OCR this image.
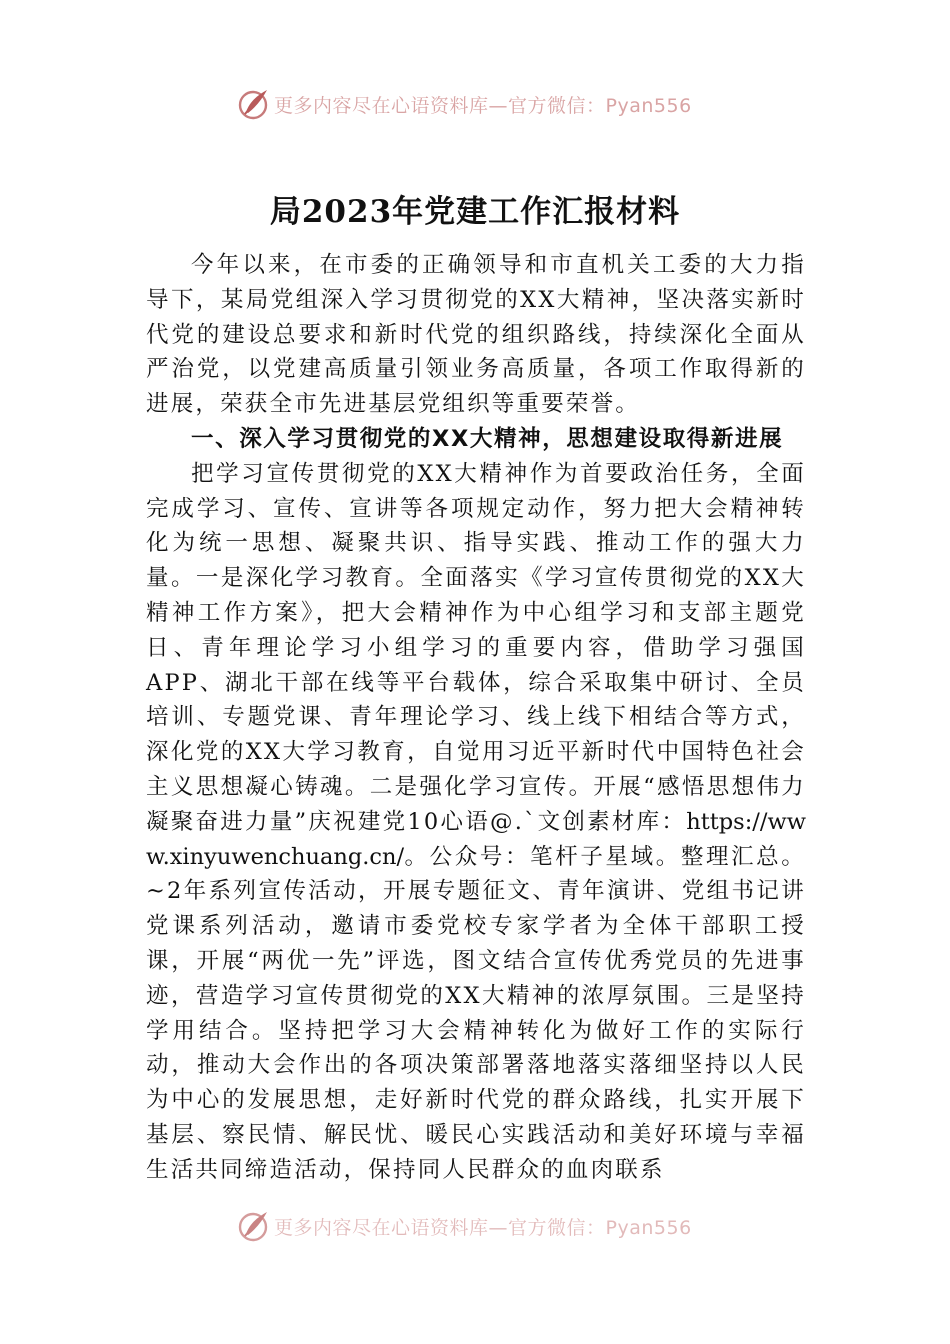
更多内容尽在心语资料库—官方微信：Pyan556
局2023年党建工作汇报材料

今年以来，在市委的正确领导和市直机关工委的大力指导下，某局党组深入学习贯彻党的XX大精神，坚决落实新时代党的建设总要求和新时代党的组织路线，持续深化全面从严治党，以党建高质量引领业务高质量，各项工作取得新的进展，荣获全市先进基层党组织等重要荣誉。

一、深入学习贯彻党的XX大精神，思想建设取得新进展

把学习宣传贯彻党的XX大精神作为首要政治任务，全面完成学习、宣传、宣讲等各项规定动作，努力把大会精神转化为统一思想、凝聚共识、指导实践、推动工作的强大力量。一是深化学习教育。全面落实《学习宣传贯彻党的XX大精神工作方案》，把大会精神作为中心组学习和支部主题党日、青年理论学习小组学习的重要内容，借助学习强国APP、湖北干部在线等平台载体，综合采取集中研讨、全员培训、专题党课、青年理论学习、线上线下相结合等方式，深化党的XX大学习教育，自觉用习近平新时代中国特色社会主义思想凝心铸魂。二是强化学习宣传。开展“感悟思想伟力凝聚奋进力量”庆祝建党10心语@.`文创素材库：https://www.xinyuwenchuang.cn/。公众号：笔杆子星域。整理汇总。~2年系列宣传活动，开展专题征文、青年演讲、党组书记讲党课系列活动，邀请市委党校专家学者为全体干部职工授课，开展“两优一先”评选，图文结合宣传优秀党员的先进事迹，营造学习宣传贯彻党的XX大精神的浓厚氛围。三是坚持学用结合。坚持把学习大会精神转化为做好工作的实际行动，推动大会作出的各项决策部署落地落实落细坚持以人民为中心的发展思想，走好新时代党的群众路线，扎实开展下基层、察民情、解民忧、暖民心实践活动和美好环境与幸福生活共同缔造活动，保持同人民群众的血肉联系

更多内容尽在心语资料库—官方微信：Pyan556
